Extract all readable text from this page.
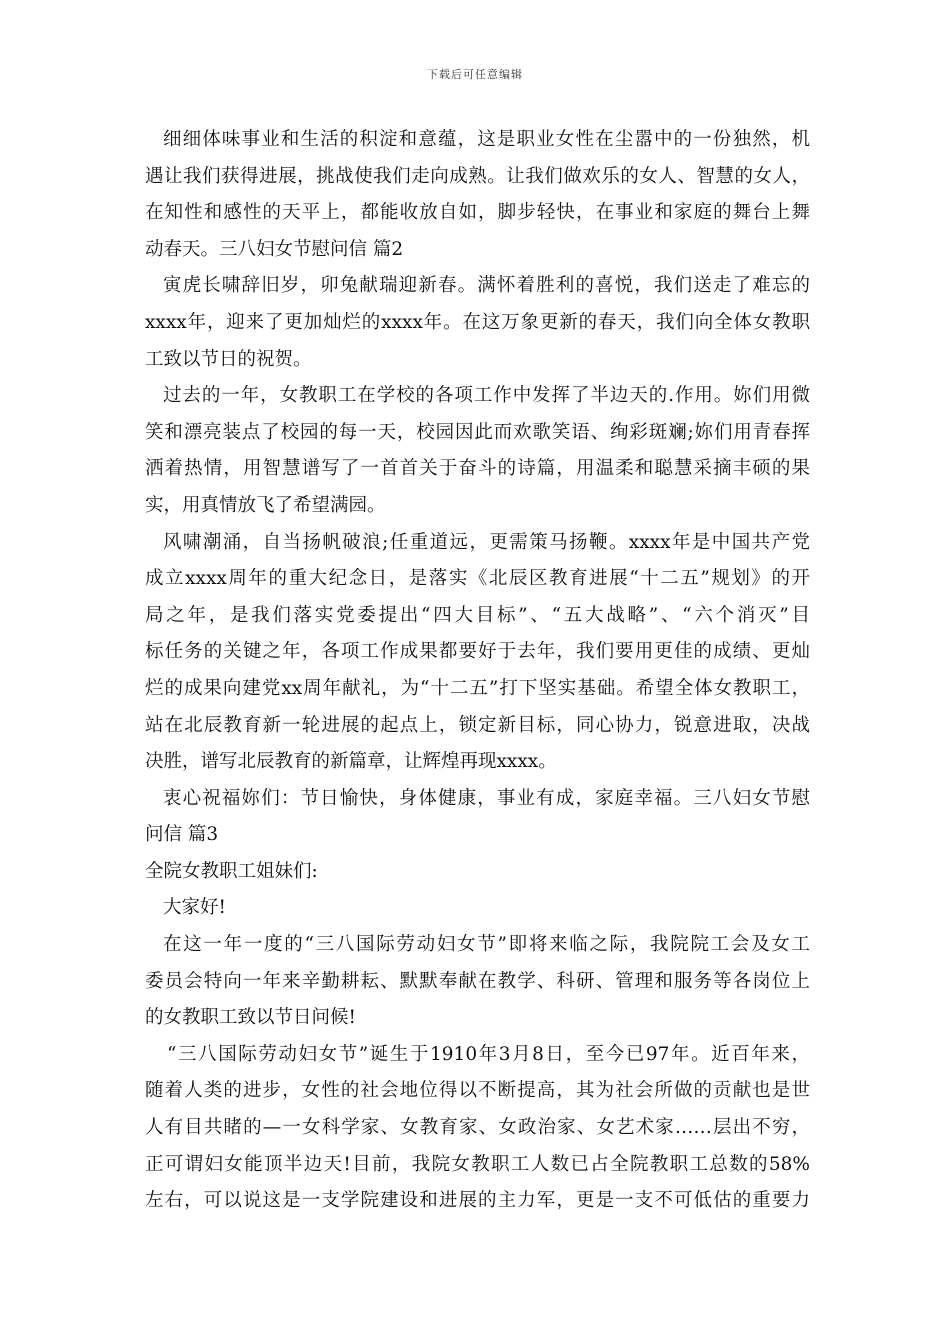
下载后可任意编辑
细细体味事业和生活的积淀和意蕴，这是职业女性在尘嚣中的一份独然，机
遇让我们获得进展，挑战使我们走向成熟。让我们做欢乐的女人、智慧的女人，
在知性和感性的天平上，都能收放自如，脚步轻快，在事业和家庭的舞台上舞
动春天。三八妇女节慰问信 篇2
寅虎长啸辞旧岁，卯兔献瑞迎新春。满怀着胜利的喜悦，我们送走了难忘的
xxxx年，迎来了更加灿烂的xxxx年。在这万象更新的春天，我们向全体女教职
工致以节日的祝贺。
过去的一年，女教职工在学校的各项工作中发挥了半边天的.作用。妳们用微
笑和漂亮装点了校园的每一天，校园因此而欢歌笑语、绚彩斑斓;妳们用青春挥
洒着热情，用智慧谱写了一首首关于奋斗的诗篇，用温柔和聪慧采摘丰硕的果
实，用真情放飞了希望满园。
风啸潮涌，自当扬帆破浪;任重道远，更需策马扬鞭。xxxx年是中国共产党
成立xxxx周年的重大纪念日，是落实《北辰区教育进展“十二五”规划》的开
局之年，是我们落实党委提出“四大目标”、“五大战略”、“六个消灭”目
标任务的关键之年，各项工作成果都要好于去年，我们要用更佳的成绩、更灿
烂的成果向建党xx周年献礼，为“十二五”打下坚实基础。希望全体女教职工，
站在北辰教育新一轮进展的起点上，锁定新目标，同心协力，锐意进取，决战
决胜，谱写北辰教育的新篇章，让辉煌再现xxxx。
衷心祝福妳们：节日愉快，身体健康，事业有成，家庭幸福。三八妇女节慰
问信 篇3
全院女教职工姐妹们:
大家好!
在这一年一度的“三八国际劳动妇女节”即将来临之际，我院院工会及女工
委员会特向一年来辛勤耕耘、默默奉献在教学、科研、管理和服务等各岗位上
的女教职工致以节日问候!
“三八国际劳动妇女节”诞生于1910年3月8日，至今已97年。近百年来，
随着人类的进步，女性的社会地位得以不断提高，其为社会所做的贡献也是世
人有目共睹的—一女科学家、女教育家、女政治家、女艺术家……层出不穷，
正可谓妇女能顶半边天!目前，我院女教职工人数已占全院教职工总数的58%
左右，可以说这是一支学院建设和进展的主力军，更是一支不可低估的重要力
